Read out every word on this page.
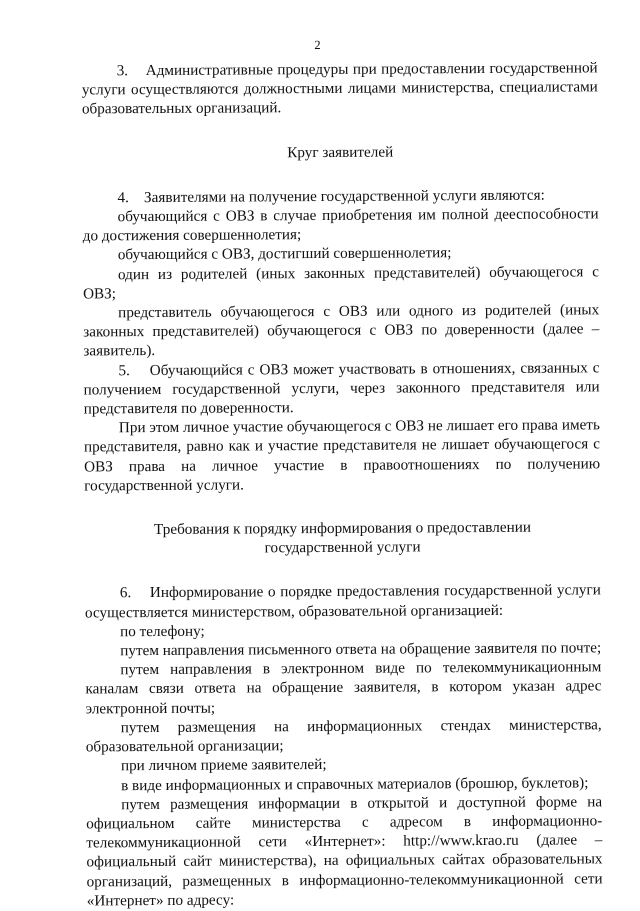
2

3.    Административные процедуры при предоставлении государственной услуги осуществляются должностными лицами министерства, специалистами образовательных организаций.

Круг заявителей

4.    Заявителями на получение государственной услуги являются:

обучающийся с ОВЗ в случае приобретения им полной дееспособности до достижения совершеннолетия;

обучающийся с ОВЗ, достигший совершеннолетия;

один из родителей (иных законных представителей) обучающегося с ОВЗ;

представитель обучающегося с ОВЗ или одного из родителей (иных законных представителей) обучающегося с ОВЗ по доверенности (далее – заявитель).

5.    Обучающийся с ОВЗ может участвовать в отношениях, связанных с получением государственной услуги, через законного представителя или представителя по доверенности.

При этом личное участие обучающегося с ОВЗ не лишает его права иметь представителя, равно как и участие представителя не лишает обучающегося с ОВЗ права на личное участие в правоотношениях по получению государственной услуги.

Требования к порядку информирования о предоставлении
государственной услуги

6.    Информирование о порядке предоставления государственной услуги осуществляется министерством, образовательной организацией:

по телефону;

путем направления письменного ответа на обращение заявителя по почте;

путем направления в электронном виде по телекоммуникационным каналам связи ответа на обращение заявителя, в котором указан адрес электронной почты;

путем размещения на информационных стендах министерства, образовательной организации;

при личном приеме заявителей;

в виде информационных и справочных материалов (брошюр, буклетов);

путем размещения информации в открытой и доступной форме на официальном сайте министерства с адресом в информационно-телекоммуникационной сети «Интернет»: http://www.krao.ru (далее – официальный сайт министерства), на официальных сайтах образовательных организаций, размещенных в информационно-телекоммуникационной сети «Интернет» по адресу:
